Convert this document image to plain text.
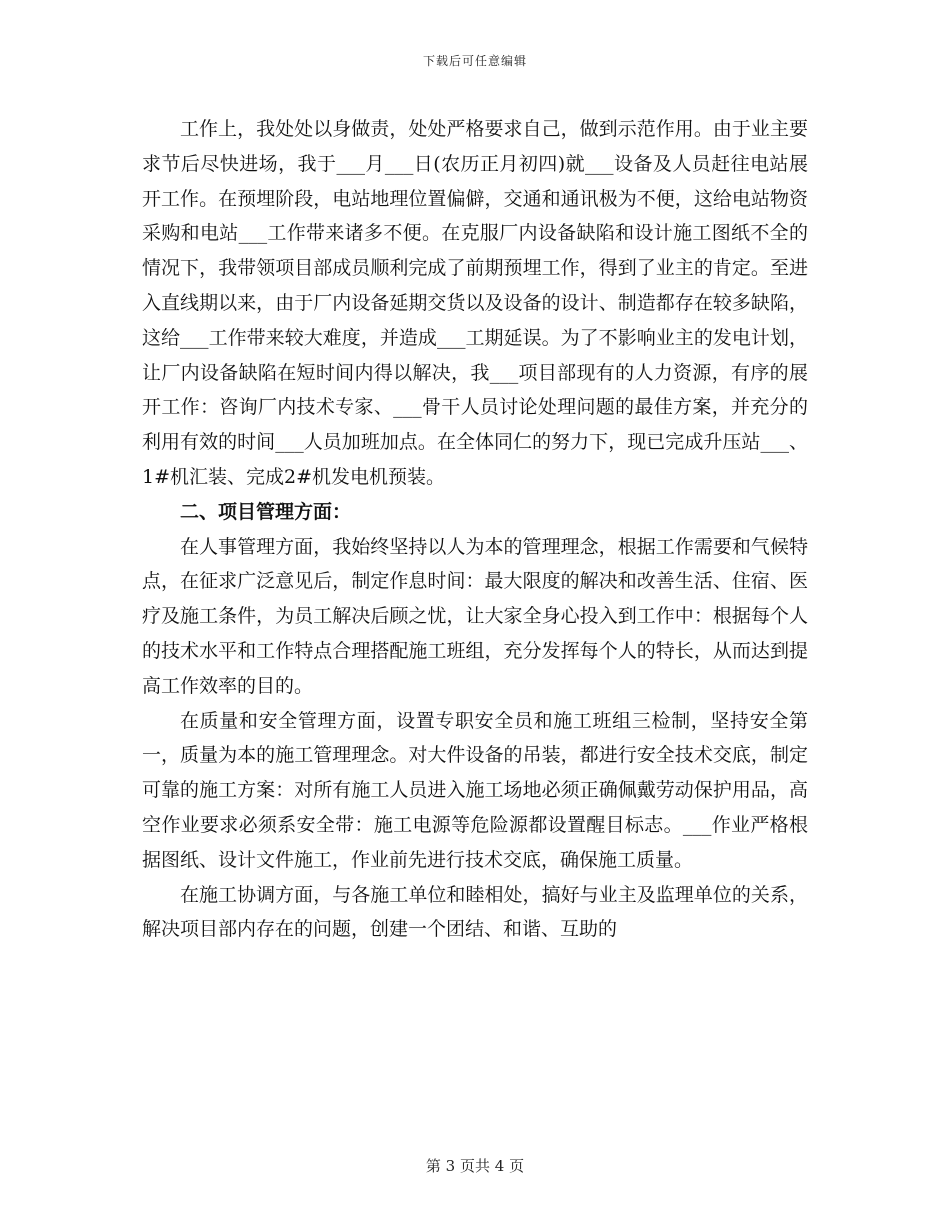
下载后可任意编辑

工作上，我处处以身做责，处处严格要求自己，做到示范作用。由于业主要求节后尽快进场，我于___月___日(农历正月初四)就___设备及人员赶往电站展开工作。在预埋阶段，电站地理位置偏僻，交通和通讯极为不便，这给电站物资采购和电站___工作带来诸多不便。在克服厂内设备缺陷和设计施工图纸不全的情况下，我带领项目部成员顺利完成了前期预埋工作，得到了业主的肯定。至进入直线期以来，由于厂内设备延期交货以及设备的设计、制造都存在较多缺陷，这给___工作带来较大难度，并造成___工期延误。为了不影响业主的发电计划，让厂内设备缺陷在短时间内得以解决，我___项目部现有的人力资源，有序的展开工作：咨询厂内技术专家、___骨干人员讨论处理问题的最佳方案，并充分的利用有效的时间___人员加班加点。在全体同仁的努力下，现已完成升压站___、1#机汇装、完成2#机发电机预装。

二、项目管理方面：

在人事管理方面，我始终坚持以人为本的管理理念，根据工作需要和气候特点，在征求广泛意见后，制定作息时间：最大限度的解决和改善生活、住宿、医疗及施工条件，为员工解决后顾之忧，让大家全身心投入到工作中：根据每个人的技术水平和工作特点合理搭配施工班组，充分发挥每个人的特长，从而达到提高工作效率的目的。

在质量和安全管理方面，设置专职安全员和施工班组三检制，坚持安全第一，质量为本的施工管理理念。对大件设备的吊装，都进行安全技术交底，制定可靠的施工方案：对所有施工人员进入施工场地必须正确佩戴劳动保护用品，高空作业要求必须系安全带：施工电源等危险源都设置醒目标志。___作业严格根据图纸、设计文件施工，作业前先进行技术交底，确保施工质量。

在施工协调方面，与各施工单位和睦相处，搞好与业主及监理单位的关系，解决项目部内存在的问题，创建一个团结、和谐、互助的

第 3 页共 4 页
